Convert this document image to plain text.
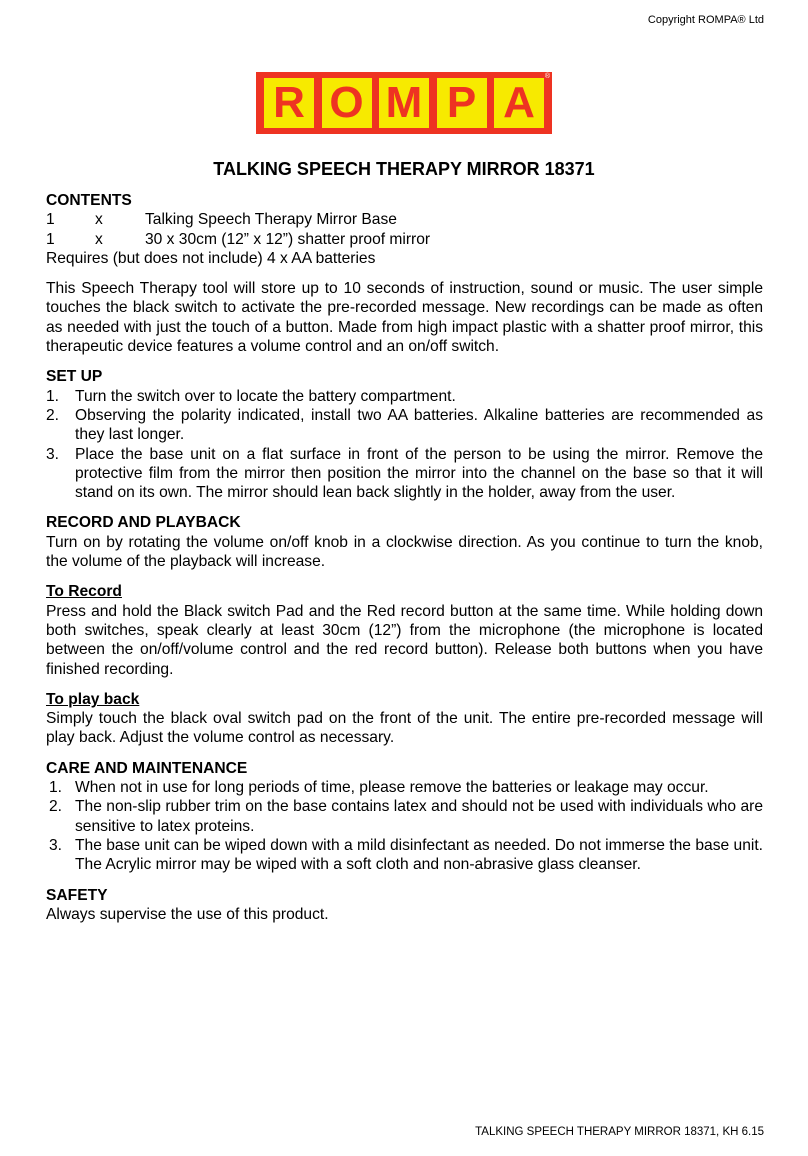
Copyright ROMPA® Ltd
R O M P A
®
TALKING SPEECH THERAPY MIRROR 18371
CONTENTS
1	x	Talking Speech Therapy Mirror Base
1	x	30 x 30cm (12” x 12”) shatter proof mirror

Requires (but does not include) 4 x AA batteries

This Speech Therapy tool will store up to 10 seconds of instruction, sound or music. The user simple touches the black switch to activate the pre-recorded message. New recordings can be made as often as needed with just the touch of a button. Made from high impact plastic with a shatter proof mirror, this therapeutic device features a volume control and an on/off switch.

SET UP
1.	Turn the switch over to locate the battery compartment.
2.	Observing the polarity indicated, install two AA batteries. Alkaline batteries are recommended as they last longer.
3.	Place the base unit on a flat surface in front of the person to be using the mirror. Remove the protective film from the mirror then position the mirror into the channel on the base so that it will stand on its own. The mirror should lean back slightly in the holder, away from the user.
RECORD AND PLAYBACK

Turn on by rotating the volume on/off knob in a clockwise direction. As you continue to turn the knob, the volume of the playback will increase.

To Record

Press and hold the Black switch Pad and the Red record button at the same time. While holding down both switches, speak clearly at least 30cm (12”) from the microphone (the microphone is located between the on/off/volume control and the red record button). Release both buttons when you have finished recording.

To play back

Simply touch the black oval switch pad on the front of the unit. The entire pre-recorded message will play back. Adjust the volume control as necessary.

CARE AND MAINTENANCE
1. When not in use for long periods of time, please remove the batteries or leakage may occur.
2. The non-slip rubber trim on the base contains latex and should not be used with individuals who are sensitive to latex proteins.
3. The base unit can be wiped down with a mild disinfectant as needed. Do not immerse the base unit. The Acrylic mirror may be wiped with a soft cloth and non-abrasive glass cleanser.
SAFETY

Always supervise the use of this product.

TALKING SPEECH THERAPY MIRROR 18371, KH 6.15
